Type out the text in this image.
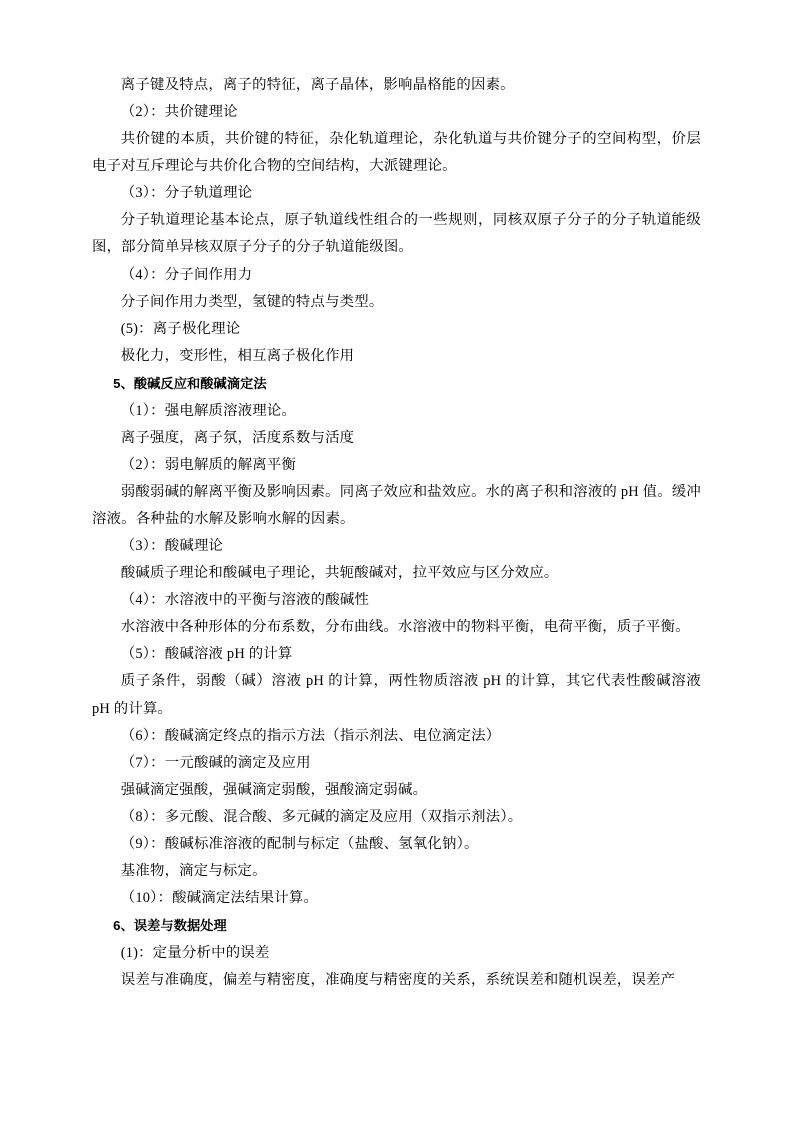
离子键及特点，离子的特征，离子晶体，影响晶格能的因素。

（2）：共价键理论

共价键的本质，共价键的特征，杂化轨道理论，杂化轨道与共价键分子的空间构型，价层电子对互斥理论与共价化合物的空间结构，大派键理论。

（3）：分子轨道理论

分子轨道理论基本论点，原子轨道线性组合的一些规则，同核双原子分子的分子轨道能级图，部分简单异核双原子分子的分子轨道能级图。

（4）：分子间作用力

分子间作用力类型，氢键的特点与类型。

(5)：离子极化理论

极化力，变形性，相互离子极化作用

5、酸碱反应和酸碱滴定法

（1）：强电解质溶液理论。

离子强度，离子氛，活度系数与活度

（2）：弱电解质的解离平衡

弱酸弱碱的解离平衡及影响因素。同离子效应和盐效应。水的离子积和溶液的 pH 值。缓冲溶液。各种盐的水解及影响水解的因素。

（3）：酸碱理论

酸碱质子理论和酸碱电子理论，共轭酸碱对，拉平效应与区分效应。

（4）：水溶液中的平衡与溶液的酸碱性

水溶液中各种形体的分布系数，分布曲线。水溶液中的物料平衡，电荷平衡，质子平衡。

（5）：酸碱溶液 pH 的计算

质子条件，弱酸（碱）溶液 pH 的计算，两性物质溶液 pH 的计算，其它代表性酸碱溶液 pH 的计算。

（6）：酸碱滴定终点的指示方法（指示剂法、电位滴定法）

（7）：一元酸碱的滴定及应用

强碱滴定强酸，强碱滴定弱酸，强酸滴定弱碱。

（8）：多元酸、混合酸、多元碱的滴定及应用（双指示剂法）。

（9）：酸碱标准溶液的配制与标定（盐酸、氢氧化钠）。

基准物，滴定与标定。

（10）：酸碱滴定法结果计算。

6、误差与数据处理

(1)：定量分析中的误差

误差与准确度，偏差与精密度，准确度与精密度的关系，系统误差和随机误差，误差产
